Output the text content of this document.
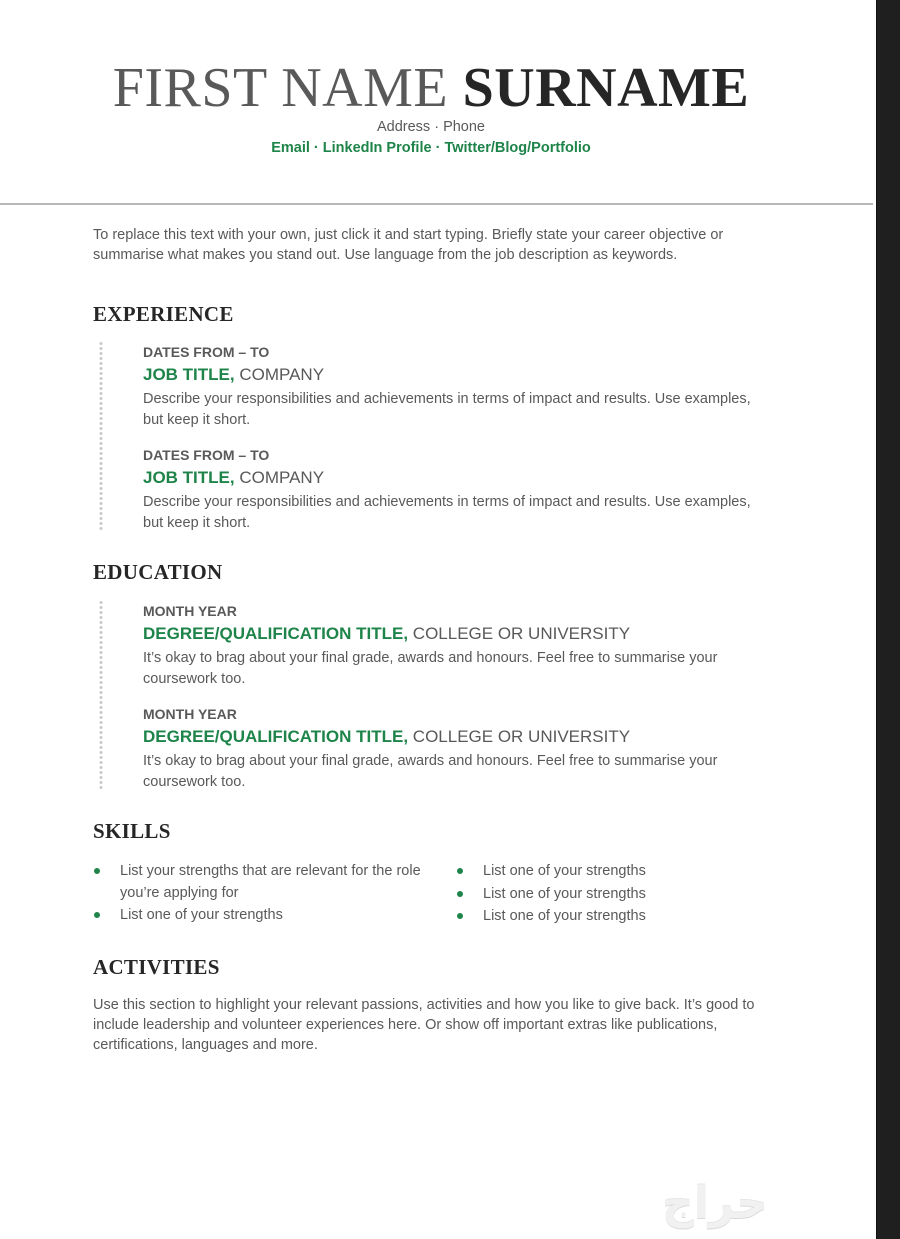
FIRST NAME SURNAME
Address · Phone
Email · LinkedIn Profile · Twitter/Blog/Portfolio

To replace this text with your own, just click it and start typing. Briefly state your career objective or summarise what makes you stand out. Use language from the job description as keywords.

EXPERIENCE
DATES FROM – TO
JOB TITLE, COMPANY
Describe your responsibilities and achievements in terms of impact and results. Use examples, but keep it short.
DATES FROM – TO
JOB TITLE, COMPANY
Describe your responsibilities and achievements in terms of impact and results. Use examples, but keep it short.
EDUCATION
MONTH YEAR
DEGREE/QUALIFICATION TITLE, COLLEGE OR UNIVERSITY
It’s okay to brag about your final grade, awards and honours. Feel free to summarise your coursework too.
MONTH YEAR
DEGREE/QUALIFICATION TITLE, COLLEGE OR UNIVERSITY
It’s okay to brag about your final grade, awards and honours. Feel free to summarise your coursework too.
SKILLS
List your strengths that are relevant for the role you’re applying for
List one of your strengths
List one of your strengths
List one of your strengths
List one of your strengths
ACTIVITIES

Use this section to highlight your relevant passions, activities and how you like to give back. It’s good to include leadership and volunteer experiences here. Or show off important extras like publications, certifications, languages and more.

حراج
